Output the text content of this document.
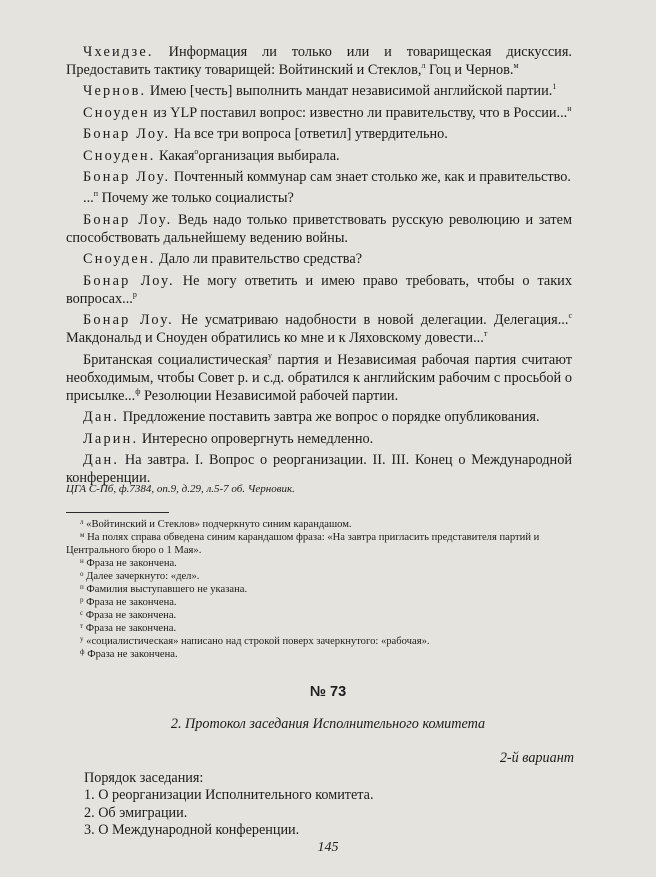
Чхеидзе. Информация ли только или и товарищеская дискуссия. Предоставить тактику товарищей: Войтинский и Стеклов,$^л$ Гоц и Чернов.$^м$

Чернов. Имею [честь] выполнить мандат независимой английской партии.$^1$

Сноуден из YLP поставил вопрос: известно ли правительству, что в России...$^н$

Бонар Лоу. На все три вопроса [ответил] утвердительно.

Сноуден. Какая$^о$организация выбирала.

Бонар Лоу. Почтенный коммунар сам знает столько же, как и правительство.

...$^п$ Почему же только социалисты?

Бонар Лоу. Ведь надо только приветствовать русскую революцию и затем способствовать дальнейшему ведению войны.

Сноуден. Дало ли правительство средства?

Бонар Лоу. Не могу ответить и имею право требовать, чтобы о таких вопросах...$^р$

Бонар Лоу. Не усматриваю надобности в новой делегации. Делегация...$^с$ Макдональд и Сноуден обратились ко мне и к Ляховскому довести...$^т$

Британская социалистическая$^у$ партия и Независимая рабочая партия считают необходимым, чтобы Совет р. и с.д. обратился к английским рабочим с просьбой о присылке...$^ф$ Резолюции Независимой рабочей партии.

Дан. Предложение поставить завтра же вопрос о порядке опубликования.

Ларин. Интересно опровергнуть немедленно.

Дан. На завтра. I. Вопрос о реорганизации. II. III. Конец о Международной конференции.

ЦГА С-Пб, ф.7384, оп.9, д.29, л.5-7 об. Черновик.
$^л$ «Войтинский и Стеклов» подчеркнуто синим карандашом.
$^м$ На полях справа обведена синим карандашом фраза: «На завтра пригласить представителя партий и Центрального бюро о 1 Мая».
$^н$ Фраза не закончена.
$^о$ Далее зачеркнуто: «дел».
$^п$ Фамилия выступавшего не указана.
$^р$ Фраза не закончена.
$^с$ Фраза не закончена.
$^т$ Фраза не закончена.
$^у$ «социалистическая» написано над строкой поверх зачеркнутого: «рабочая».
$^ф$ Фраза не закончена.
№ 73
2. Протокол заседания Исполнительного комитета
2-й вариант
Порядок заседания:
1. О реорганизации Исполнительного комитета.
2. Об эмиграции.
3. О Международной конференции.
145
